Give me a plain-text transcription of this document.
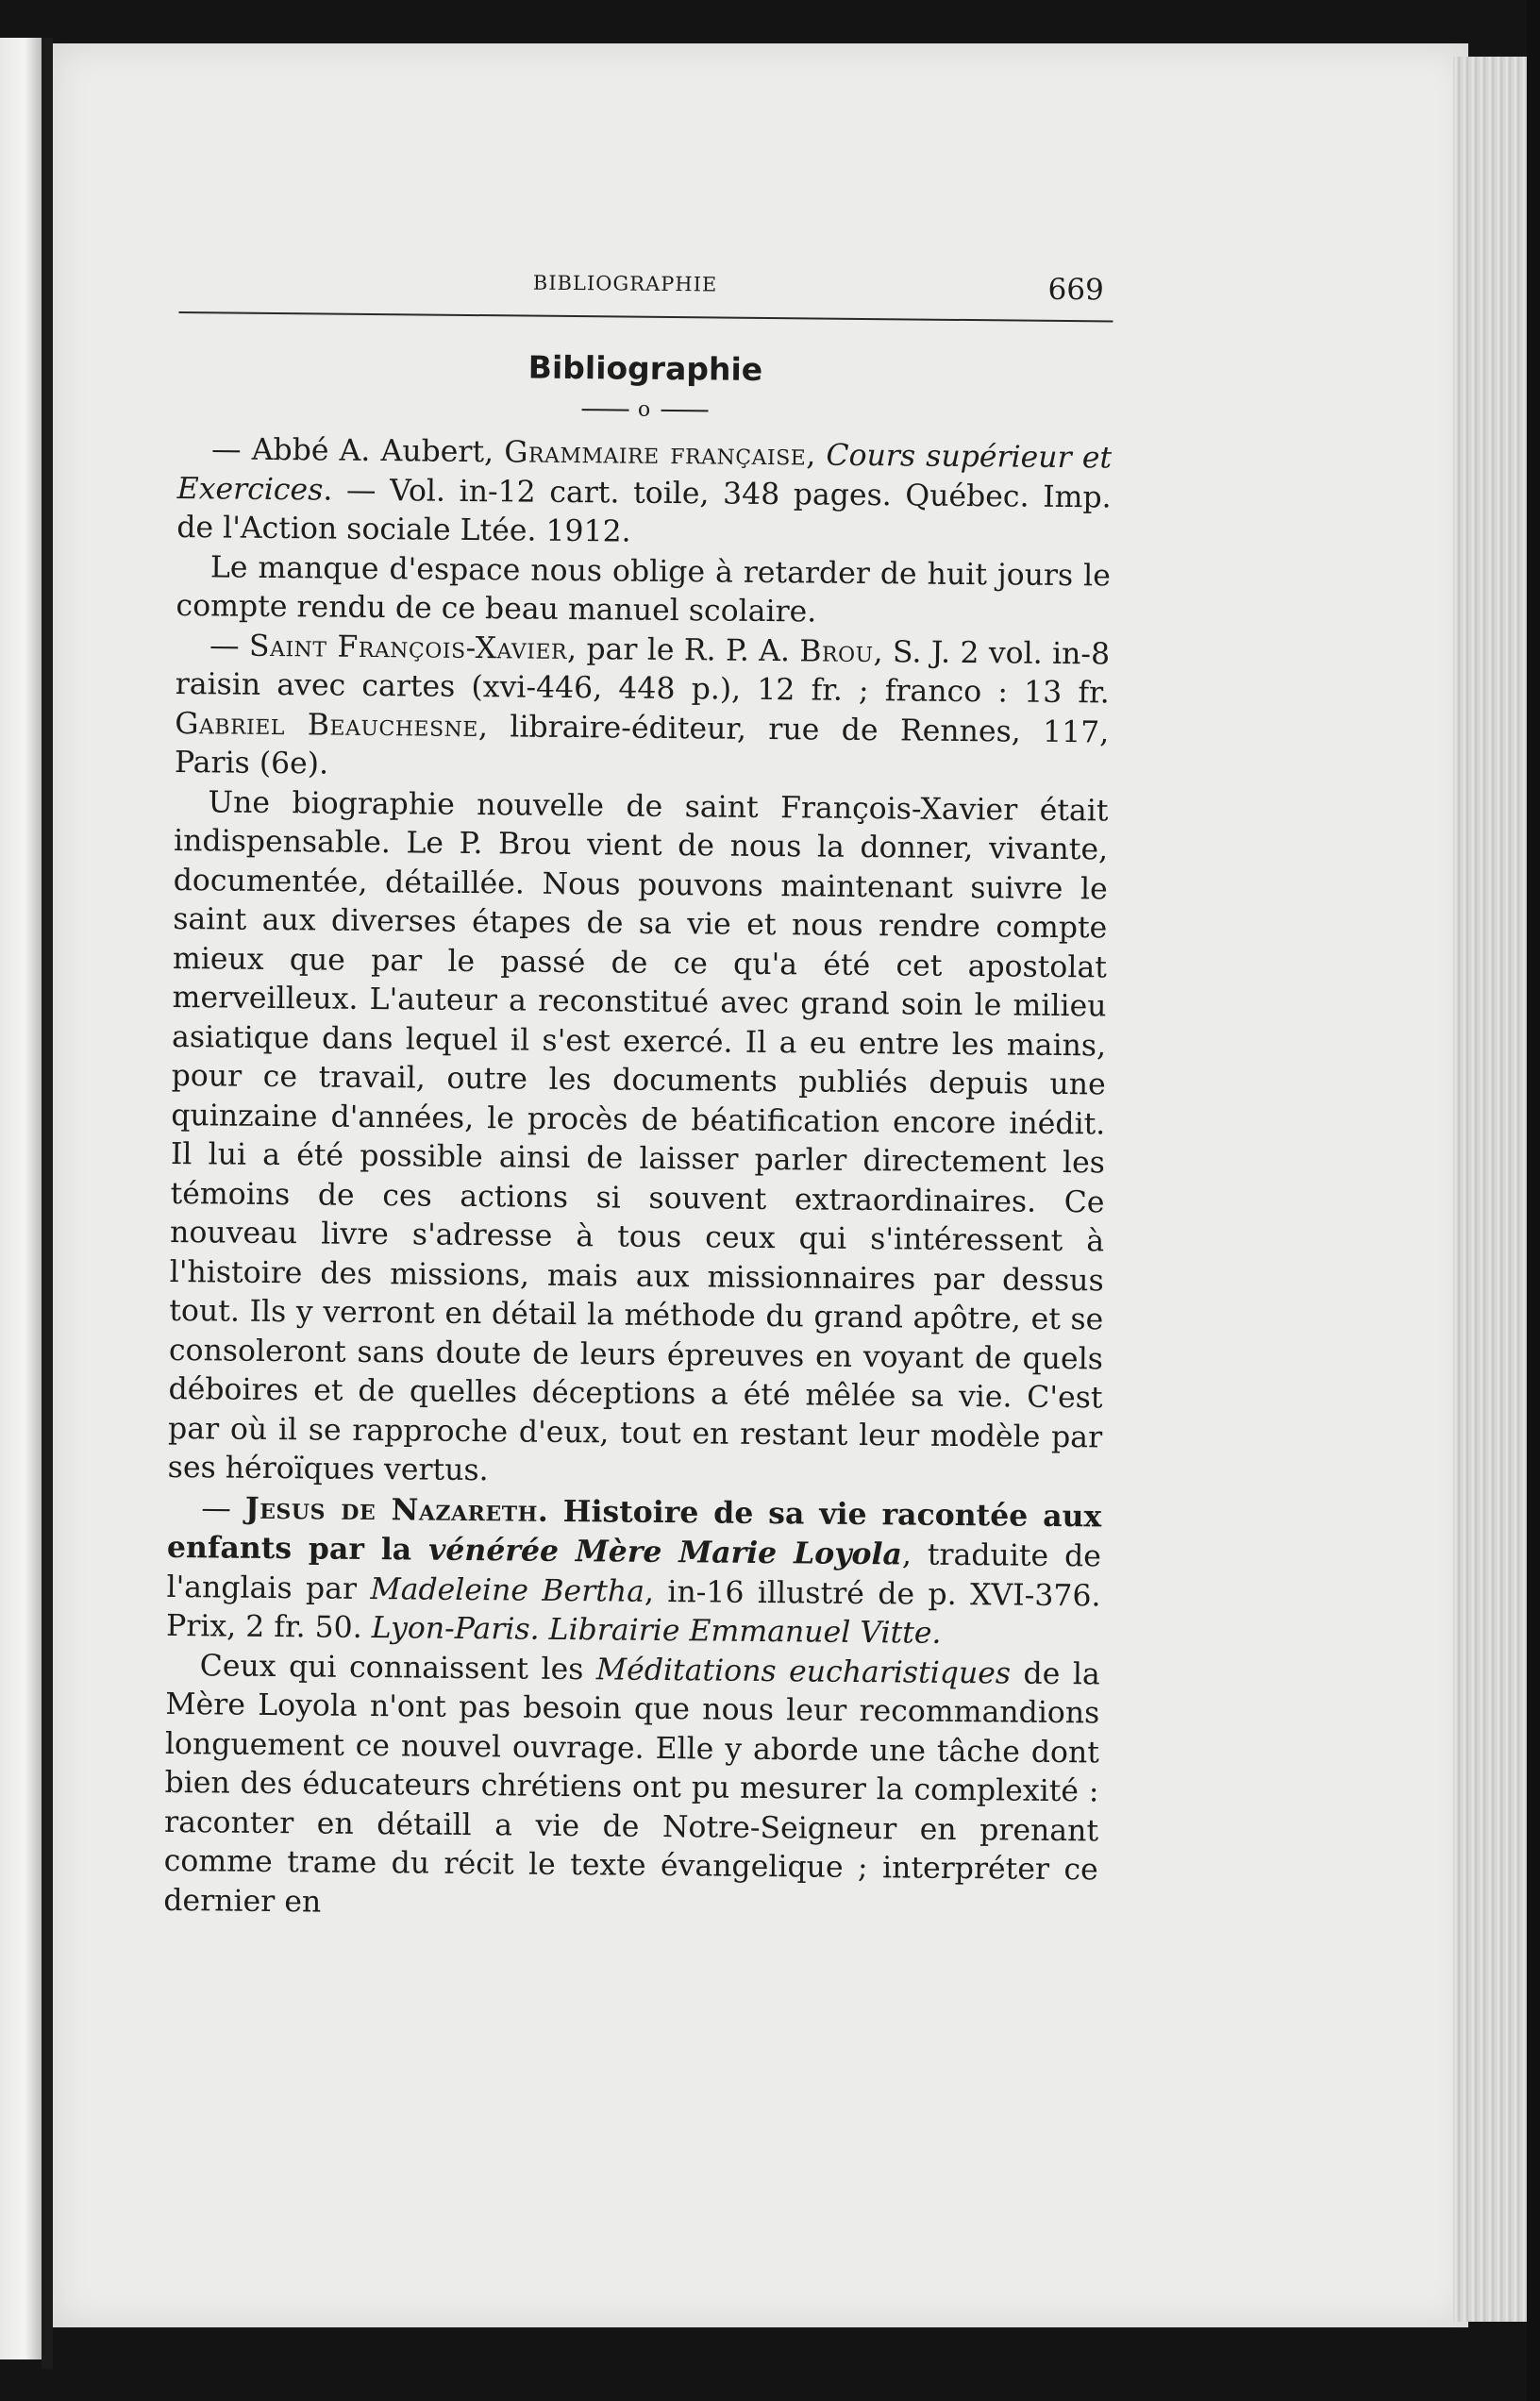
BIBLIOGRAPHIE	669
Bibliographie
o

— Abbé A. Aubert, Grammaire française, Cours supérieur et Exercices. — Vol. in-12 cart. toile, 348 pages. Québec. Imp. de l'Action sociale Ltée. 1912.

Le manque d'espace nous oblige à retarder de huit jours le compte rendu de ce beau manuel scolaire.

— Saint François-Xavier, par le R. P. A. Brou, S. J. 2 vol. in-8 raisin avec cartes (xvi-446, 448 p.), 12 fr. ; franco : 13 fr. Gabriel Beauchesne, libraire-éditeur, rue de Rennes, 117, Paris (6e).

Une biographie nouvelle de saint François-Xavier était indispensable. Le P. Brou vient de nous la donner, vivante, documentée, détaillée. Nous pouvons maintenant suivre le saint aux diverses étapes de sa vie et nous rendre compte mieux que par le passé de ce qu'a été cet apostolat merveilleux. L'auteur a reconstitué avec grand soin le milieu asiatique dans lequel il s'est exercé. Il a eu entre les mains, pour ce travail, outre les documents publiés depuis une quinzaine d'années, le procès de béatification encore inédit. Il lui a été possible ainsi de laisser parler directement les témoins de ces actions si souvent extraordinaires. Ce nouveau livre s'adresse à tous ceux qui s'intéressent à l'histoire des missions, mais aux missionnaires par dessus tout. Ils y verront en détail la méthode du grand apôtre, et se consoleront sans doute de leurs épreuves en voyant de quels déboires et de quelles déceptions a été mêlée sa vie. C'est par où il se rapproche d'eux, tout en restant leur modèle par ses héroïques vertus.

— Jesus de Nazareth. Histoire de sa vie racontée aux enfants par la vénérée Mère Marie Loyola, traduite de l'anglais par Madeleine Bertha, in-16 illustré de p. XVI-376. Prix, 2 fr. 50. Lyon-Paris. Librairie Emmanuel Vitte.

Ceux qui connaissent les Méditations eucharistiques de la Mère Loyola n'ont pas besoin que nous leur recommandions longuement ce nouvel ouvrage. Elle y aborde une tâche dont bien des éducateurs chrétiens ont pu mesurer la complexité : raconter en détaill a vie de Notre-Seigneur en prenant comme trame du récit le texte évangelique ; interpréter ce dernier en
